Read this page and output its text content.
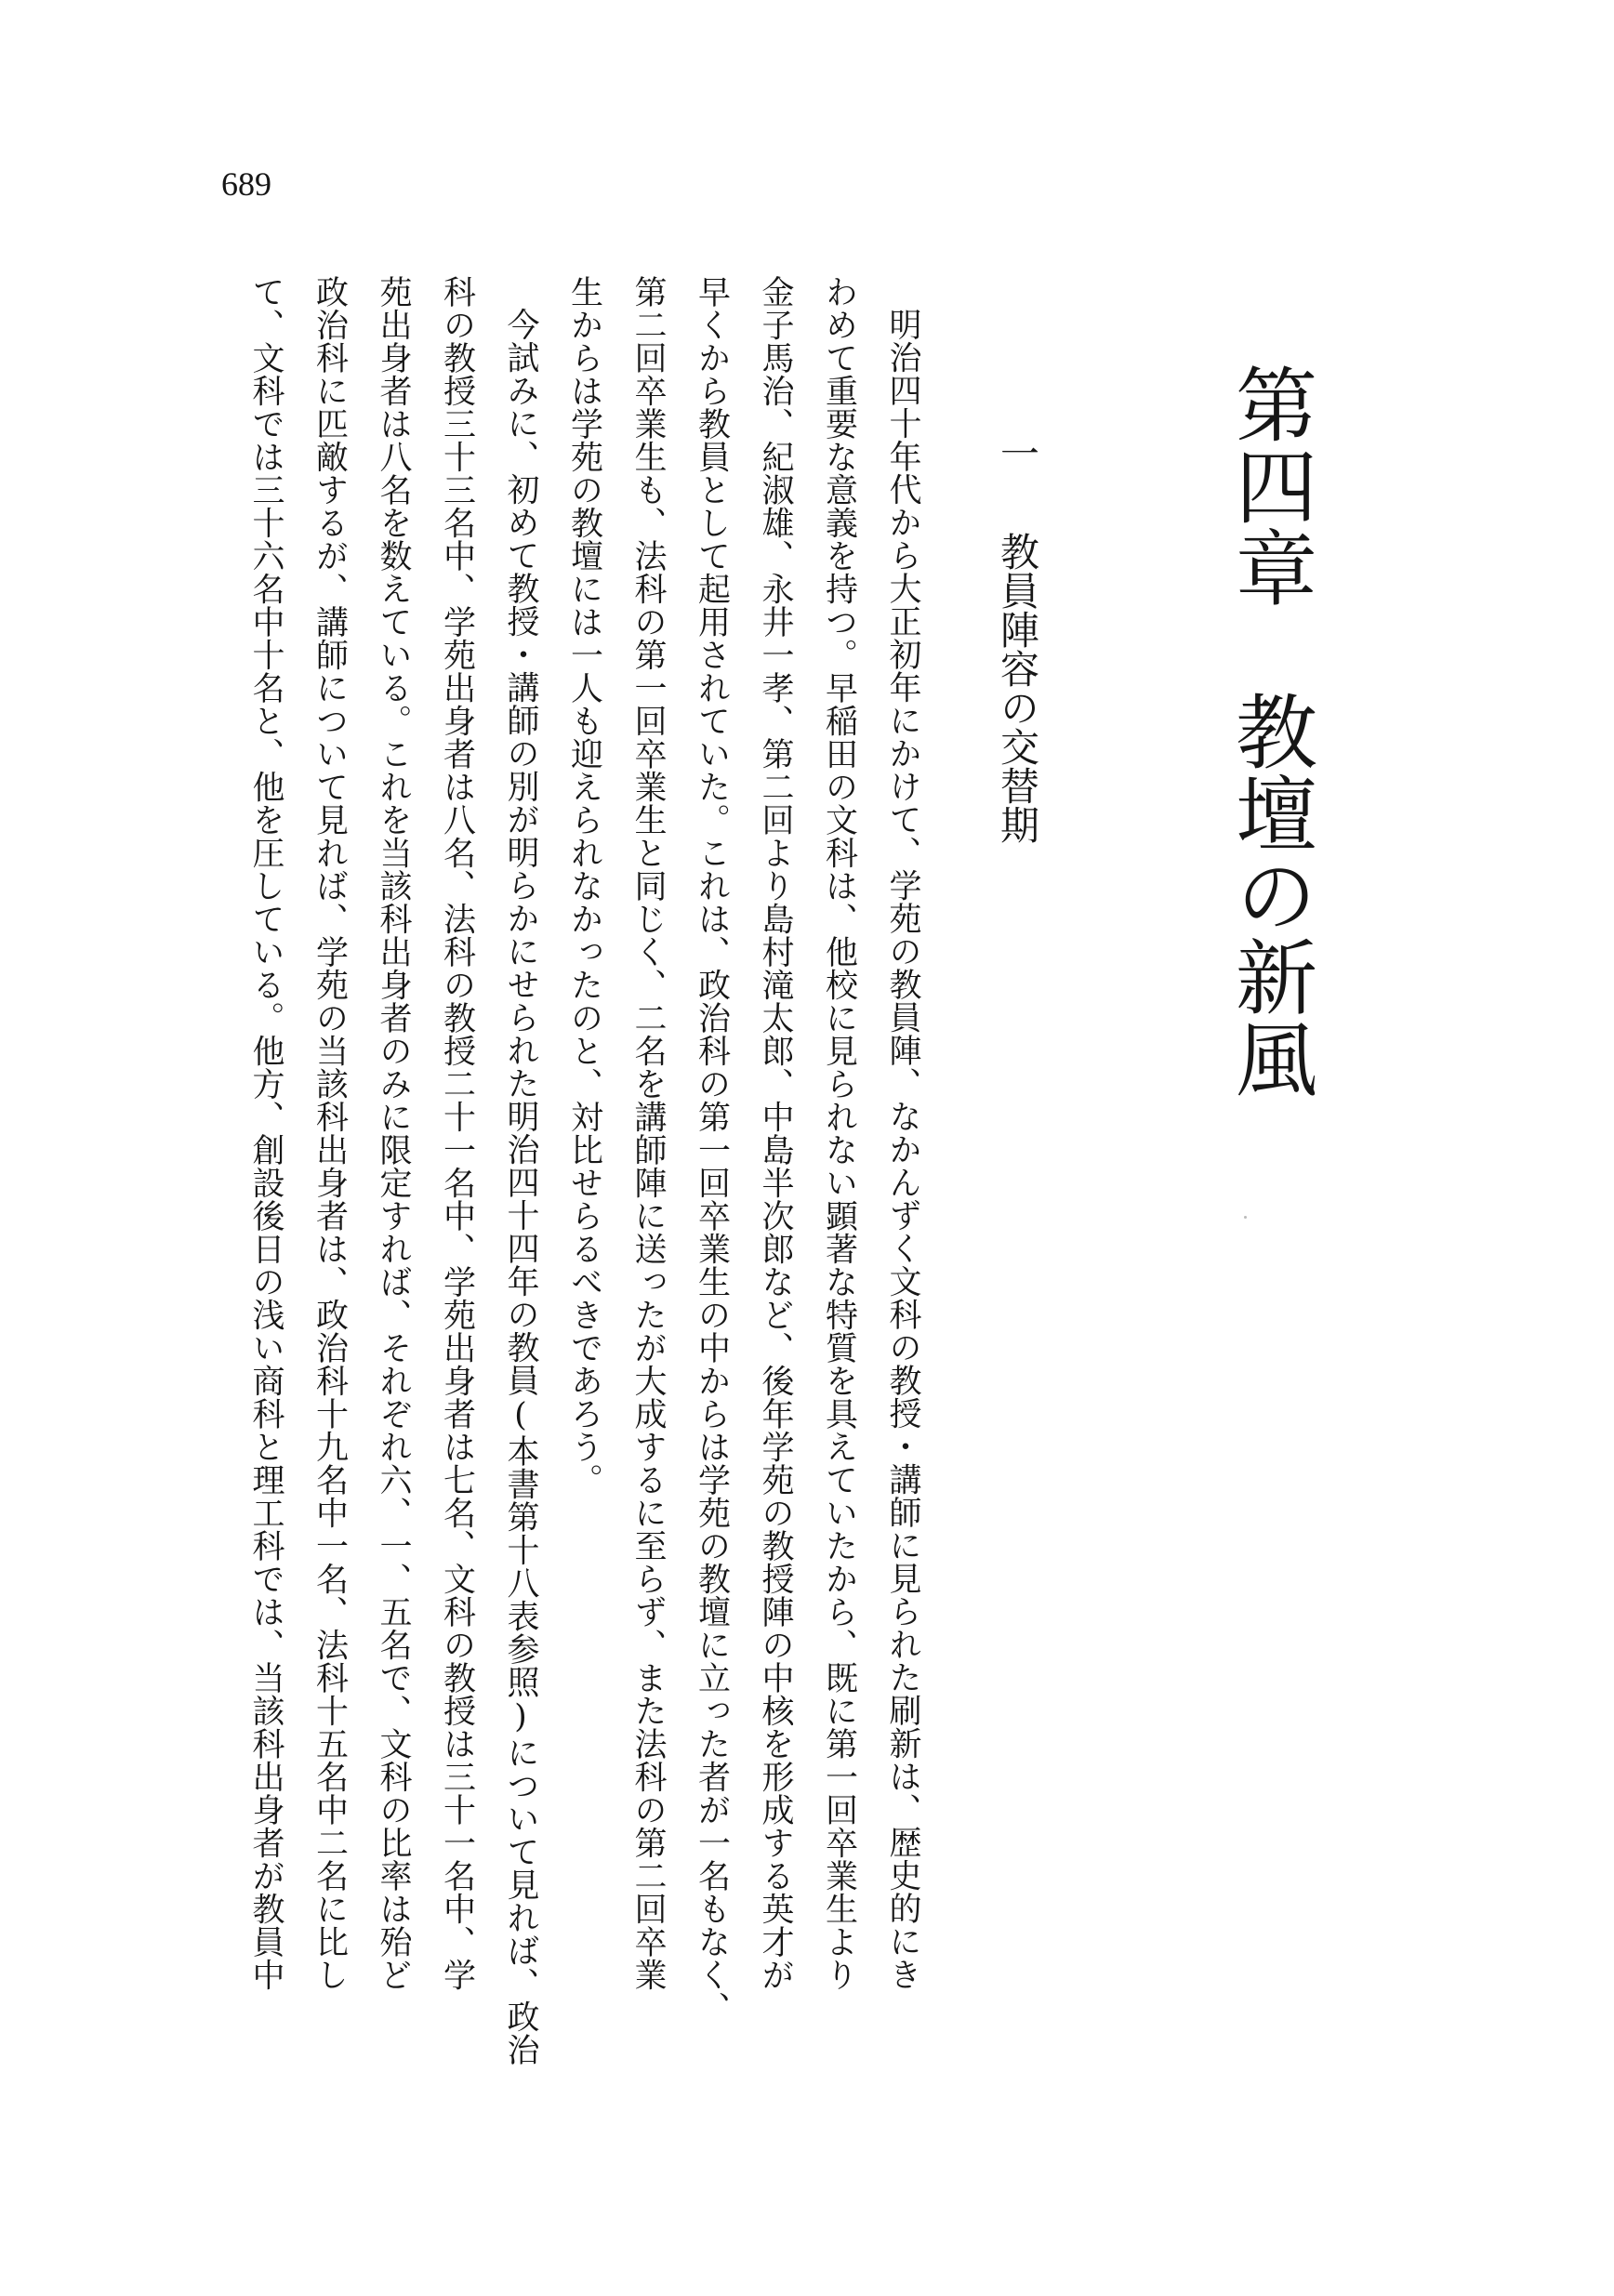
689
第四章　教壇の新風
一教員陣容の交替期
明治四十年代から大正初年にかけて、学苑の教員陣、なかんずく文科の教授・講師に見られた刷新は、歴史的にき
わめて重要な意義を持つ。早稲田の文科は、他校に見られない顕著な特質を具えていたから、既に第一回卒業生より
金子馬治、紀淑雄、永井一孝、第二回より島村滝太郎、中島半次郎など、後年学苑の教授陣の中核を形成する英才が
早くから教員として起用されていた。これは、政治科の第一回卒業生の中からは学苑の教壇に立った者が一名もなく、
第二回卒業生も、法科の第一回卒業生と同じく、二名を講師陣に送ったが大成するに至らず、また法科の第二回卒業
生からは学苑の教壇には一人も迎えられなかったのと、対比せらるべきであろう。
今試みに、初めて教授・講師の別が明らかにせられた明治四十四年の教員(本書第十八表参照)について見れば、政治
科の教授三十三名中、学苑出身者は八名、法科の教授二十一名中、学苑出身者は七名、文科の教授は三十一名中、学
苑出身者は八名を数えている。これを当該科出身者のみに限定すれば、それぞれ六、一、五名で、文科の比率は殆ど
政治科に匹敵するが、講師について見れば、学苑の当該科出身者は、政治科十九名中一名、法科十五名中二名に比し
て、文科では三十六名中十名と、他を圧している。他方、創設後日の浅い商科と理工科では、当該科出身者が教員中
